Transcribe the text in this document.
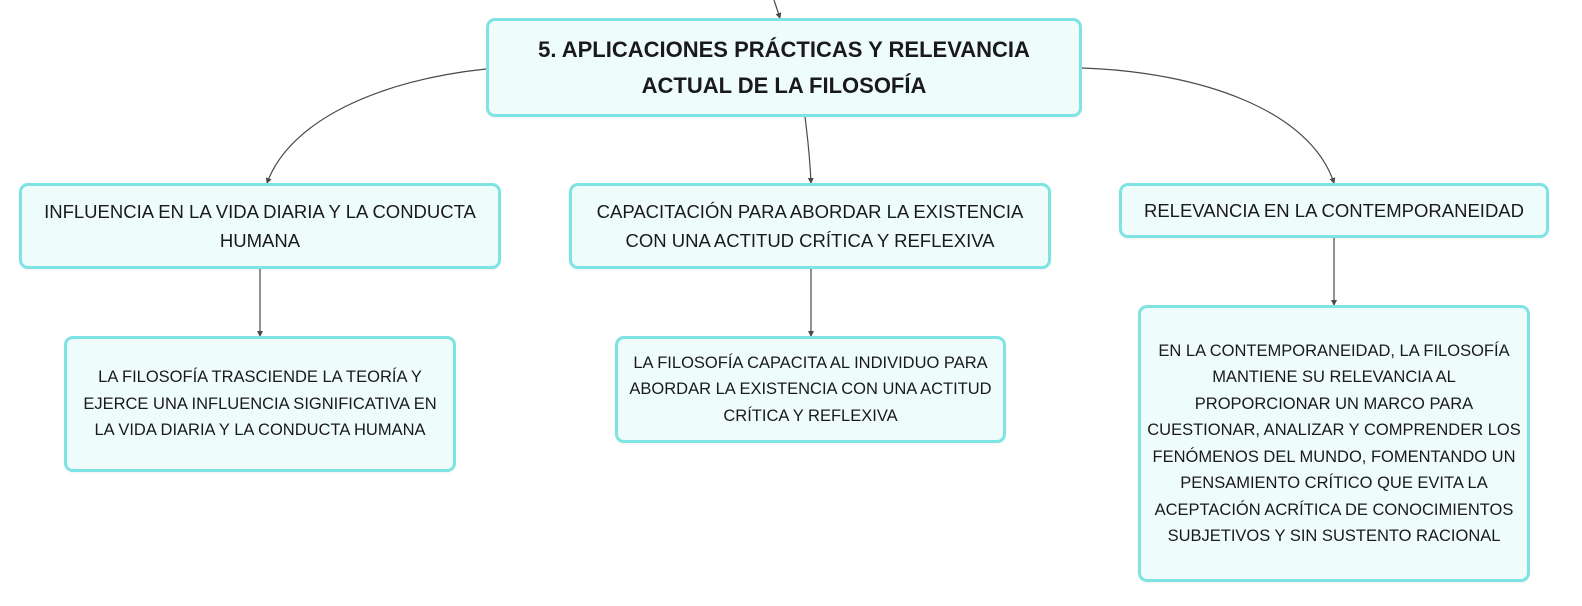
5. APLICACIONES PRÁCTICAS Y RELEVANCIA ACTUAL DE LA FILOSOFÍA
INFLUENCIA EN LA VIDA DIARIA Y LA CONDUCTA HUMANA
CAPACITACIÓN PARA ABORDAR LA EXISTENCIA CON UNA ACTITUD CRÍTICA Y REFLEXIVA
RELEVANCIA EN LA CONTEMPORANEIDAD
LA FILOSOFÍA TRASCIENDE LA TEORÍA Y EJERCE UNA INFLUENCIA SIGNIFICATIVA EN LA VIDA DIARIA Y LA CONDUCTA HUMANA
LA FILOSOFÍA CAPACITA AL INDIVIDUO PARA ABORDAR LA EXISTENCIA CON UNA ACTITUD CRÍTICA Y REFLEXIVA
EN LA CONTEMPORANEIDAD, LA FILOSOFÍA MANTIENE SU RELEVANCIA AL PROPORCIONAR UN MARCO PARA CUESTIONAR, ANALIZAR Y COMPRENDER LOS FENÓMENOS DEL MUNDO, FOMENTANDO UN PENSAMIENTO CRÍTICO QUE EVITA LA ACEPTACIÓN ACRÍTICA DE CONOCIMIENTOS SUBJETIVOS Y SIN SUSTENTO RACIONAL
